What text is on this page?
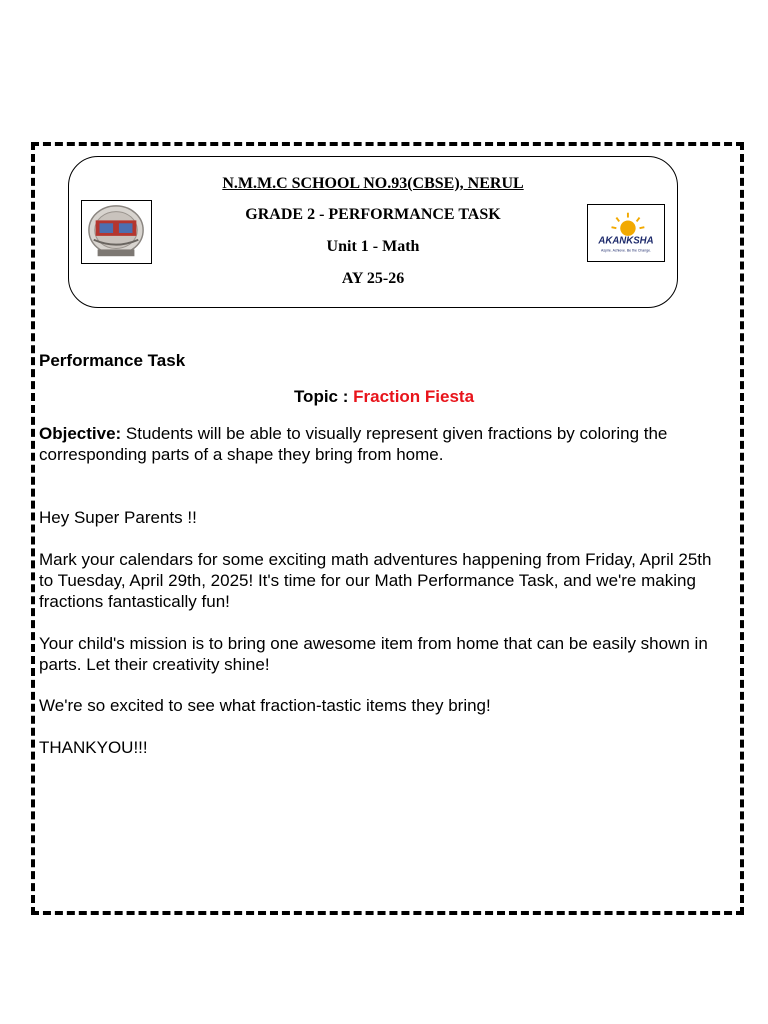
N.M.M.C SCHOOL NO.93(CBSE), NERUL
GRADE 2 - PERFORMANCE TASK
Unit 1 - Math
AY 25-26
AKANKSHA
Aspire. Achieve. Be the Change.
Performance Task
Topic : Fraction Fiesta
Objective: Students will be able to visually represent given fractions by coloring the corresponding parts of a shape they bring from home.
Hey Super Parents !!
Mark your calendars for some exciting math adventures happening from Friday, April 25th to Tuesday, April 29th, 2025! It's time for our Math Performance Task, and we're making fractions fantastically fun!
Your child's mission is to bring one awesome item from home that can be easily shown in parts. Let their creativity shine!
We're so excited to see what fraction-tastic items they bring!
THANKYOU!!!
